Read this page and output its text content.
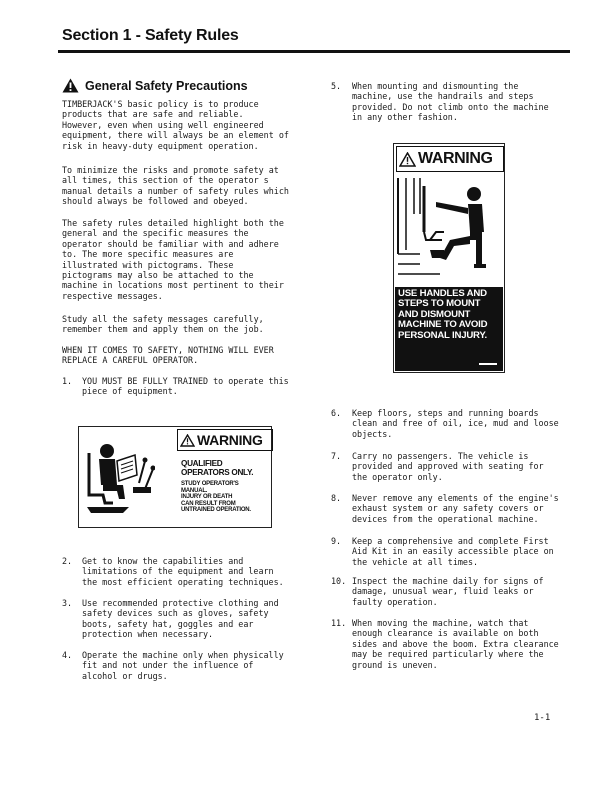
Section 1 - Safety Rules
General Safety Precautions

TIMBERJACK'S basic policy is to produce
products that are safe and reliable.
However, even when using well engineered
equipment, there will always be an element of
risk in heavy-duty equipment operation.

To minimize the risks and promote safety at
all times, this section of the operator s
manual details a number of safety rules which
should always be followed and obeyed.

The safety rules detailed highlight both the
general and the specific measures the
operator should be familiar with and adhere
to. The more specific measures are
illustrated with pictograms. These
pictograms may also be attached to the
machine in locations most pertinent to their
respective messages.

Study all the safety messages carefully,
remember them and apply them on the job.

WHEN IT COMES TO SAFETY, NOTHING WILL EVER
REPLACE A CAREFUL OPERATOR.

1.	YOU MUST BE FULLY TRAINED to operate this
piece of equipment.
WARNING
QUALIFIED
OPERATORS ONLY.
STUDY OPERATOR'S
MANUAL.
INJURY OR DEATH
CAN RESULT FROM
UNTRAINED OPERATION.
2.	Get to know the capabilities and
limitations of the equipment and learn
the most efficient operating techniques.
3.	Use recommended protective clothing and
safety devices such as gloves, safety
boots, safety hat, goggles and ear
protection when necessary.
4.	Operate the machine only when physically
fit and not under the influence of
alcohol or drugs.
5.	When mounting and dismounting the
machine, use the handrails and steps
provided. Do not climb onto the machine
in any other fashion.
WARNING
USE HANDLES AND
STEPS TO MOUNT
AND DISMOUNT
MACHINE TO AVOID
PERSONAL INJURY.
6.	Keep floors, steps and running boards
clean and free of oil, ice, mud and loose
objects.
7.	Carry no passengers. The vehicle is
provided and approved with seating for
the operator only.
8.	Never remove any elements of the engine's
exhaust system or any safety covers or
devices from the operational machine.
9.	Keep a comprehensive and complete First
Aid Kit in an easily accessible place on
the vehicle at all times.
10. Inspect the machine daily for signs of
damage, unusual wear, fluid leaks or
faulty operation.
11. When moving the machine, watch that
enough clearance is available on both
sides and above the boom. Extra clearance
may be required particularly where the
ground is uneven.
1-1
